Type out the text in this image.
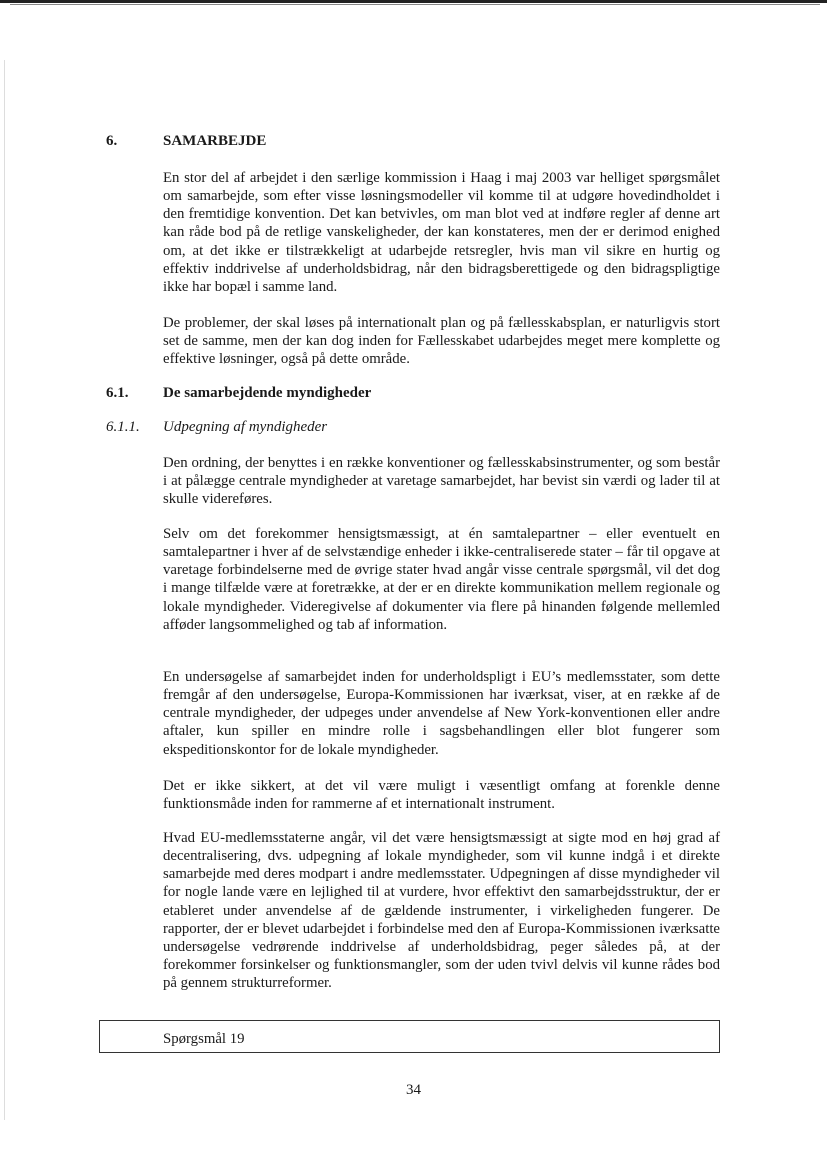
6.	SAMARBEJDE

En stor del af arbejdet i den særlige kommission i Haag i maj 2003 var helliget spørgsmålet om samarbejde, som efter visse løsningsmodeller vil komme til at udgøre hovedindholdet i den fremtidige konvention. Det kan betvivles, om man blot ved at indføre regler af denne art kan råde bod på de retlige vanskeligheder, der kan konstateres, men der er derimod enighed om, at det ikke er tilstrækkeligt at udarbejde retsregler, hvis man vil sikre en hurtig og effektiv inddrivelse af underholdsbidrag, når den bidragsberettigede og den bidragspligtige ikke har bopæl i samme land.

De problemer, der skal løses på internationalt plan og på fællesskabsplan, er naturligvis stort set de samme, men der kan dog inden for Fællesskabet udarbejdes meget mere komplette og effektive løsninger, også på dette område.

6.1. De samarbejdende myndigheder
6.1.1. Udpegning af myndigheder

Den ordning, der benyttes i en række konventioner og fællesskabsinstrumenter, og som består i at pålægge centrale myndigheder at varetage samarbejdet, har bevist sin værdi og lader til at skulle videreføres.

Selv om det forekommer hensigtsmæssigt, at én samtalepartner – eller eventuelt en samtalepartner i hver af de selvstændige enheder i ikke-centraliserede stater – får til opgave at varetage forbindelserne med de øvrige stater hvad angår visse centrale spørgsmål, vil det dog i mange tilfælde være at foretrække, at der er en direkte kommunikation mellem regionale og lokale myndigheder. Videregivelse af dokumenter via flere på hinanden følgende mellemled afføder langsommelighed og tab af information.

En undersøgelse af samarbejdet inden for underholdspligt i EU’s medlemsstater, som dette fremgår af den undersøgelse, Europa-Kommissionen har iværksat, viser, at en række af de centrale myndigheder, der udpeges under anvendelse af New York-konventionen eller andre aftaler, kun spiller en mindre rolle i sagsbehandlingen eller blot fungerer som ekspeditionskontor for de lokale myndigheder.

Det er ikke sikkert, at det vil være muligt i væsentligt omfang at forenkle denne funktionsmåde inden for rammerne af et internationalt instrument.

Hvad EU-medlemsstaterne angår, vil det være hensigtsmæssigt at sigte mod en høj grad af decentralisering, dvs. udpegning af lokale myndigheder, som vil kunne indgå i et direkte samarbejde med deres modpart i andre medlemsstater. Udpegningen af disse myndigheder vil for nogle lande være en lejlighed til at vurdere, hvor effektivt den samarbejdsstruktur, der er etableret under anvendelse af de gældende instrumenter, i virkeligheden fungerer. De rapporter, der er blevet udarbejdet i forbindelse med den af Europa-Kommissionen iværksatte undersøgelse vedrørende inddrivelse af underholdsbidrag, peger således på, at der forekommer forsinkelser og funktionsmangler, som der uden tvivl delvis vil kunne rådes bod på gennem strukturreformer.

Spørgsmål 19
34
